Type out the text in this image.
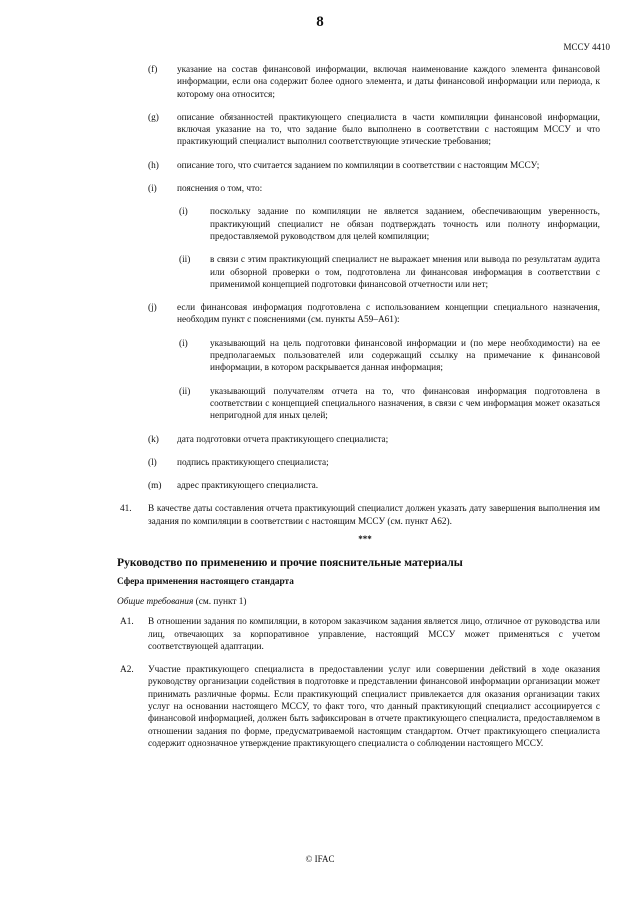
8
МССУ 4410
(f) указание на состав финансовой информации, включая наименование каждого элемента финансовой информации, если она содержит более одного элемента, и даты финансовой информации или периода, к которому она относится;

(g) описание обязанностей практикующего специалиста в части компиляции финансовой информации, включая указание на то, что задание было выполнено в соответствии с настоящим МССУ и что практикующий специалист выполнил соответствующие этические требования;

(h) описание того, что считается заданием по компиляции в соответствии с настоящим МССУ;

(i) пояснения о том, что:

(i) поскольку задание по компиляции не является заданием, обеспечивающим уверенность, практикующий специалист не обязан подтверждать точность или полноту информации, предоставляемой руководством для целей компиляции;

(ii) в связи с этим практикующий специалист не выражает мнения или вывода по результатам аудита или обзорной проверки о том, подготовлена ли финансовая информация в соответствии с применимой концепцией подготовки финансовой отчетности или нет;

(j) если финансовая информация подготовлена с использованием концепции специального назначения, необходим пункт с пояснениями (см. пункты А59–А61):

(i) указывающий на цель подготовки финансовой информации и (по мере необходимости) на ее предполагаемых пользователей или содержащий ссылку на примечание к финансовой информации, в котором раскрывается данная информация;

(ii) указывающий получателям отчета на то, что финансовая информация подготовлена в соответствии с концепцией специального назначения, в связи с чем информация может оказаться непригодной для иных целей;

(k) дата подготовки отчета практикующего специалиста;

(l) подпись практикующего специалиста;

(m) адрес практикующего специалиста.

41. В качестве даты составления отчета практикующий специалист должен указать дату завершения выполнения им задания по компиляции в соответствии с настоящим МССУ (см. пункт А62).

***
Руководство по применению и прочие пояснительные материалы
Сфера применения настоящего стандарта
Общие требования (см. пункт 1)
A1. В отношении задания по компиляции, в котором заказчиком задания является лицо, отличное от руководства или лиц, отвечающих за корпоративное управление, настоящий МССУ может применяться с учетом соответствующей адаптации.

A2. Участие практикующего специалиста в предоставлении услуг или совершении действий в ходе оказания руководству организации содействия в подготовке и представлении финансовой информации организации может принимать различные формы. Если практикующий специалист привлекается для оказания организации таких услуг на основании настоящего МССУ, то факт того, что данный практикующий специалист ассоциируется с финансовой информацией, должен быть зафиксирован в отчете практикующего специалиста, предоставляемом в отношении задания по форме, предусматриваемой настоящим стандартом. Отчет практикующего специалиста содержит однозначное утверждение практикующего специалиста о соблюдении настоящего МССУ.

© IFAC
